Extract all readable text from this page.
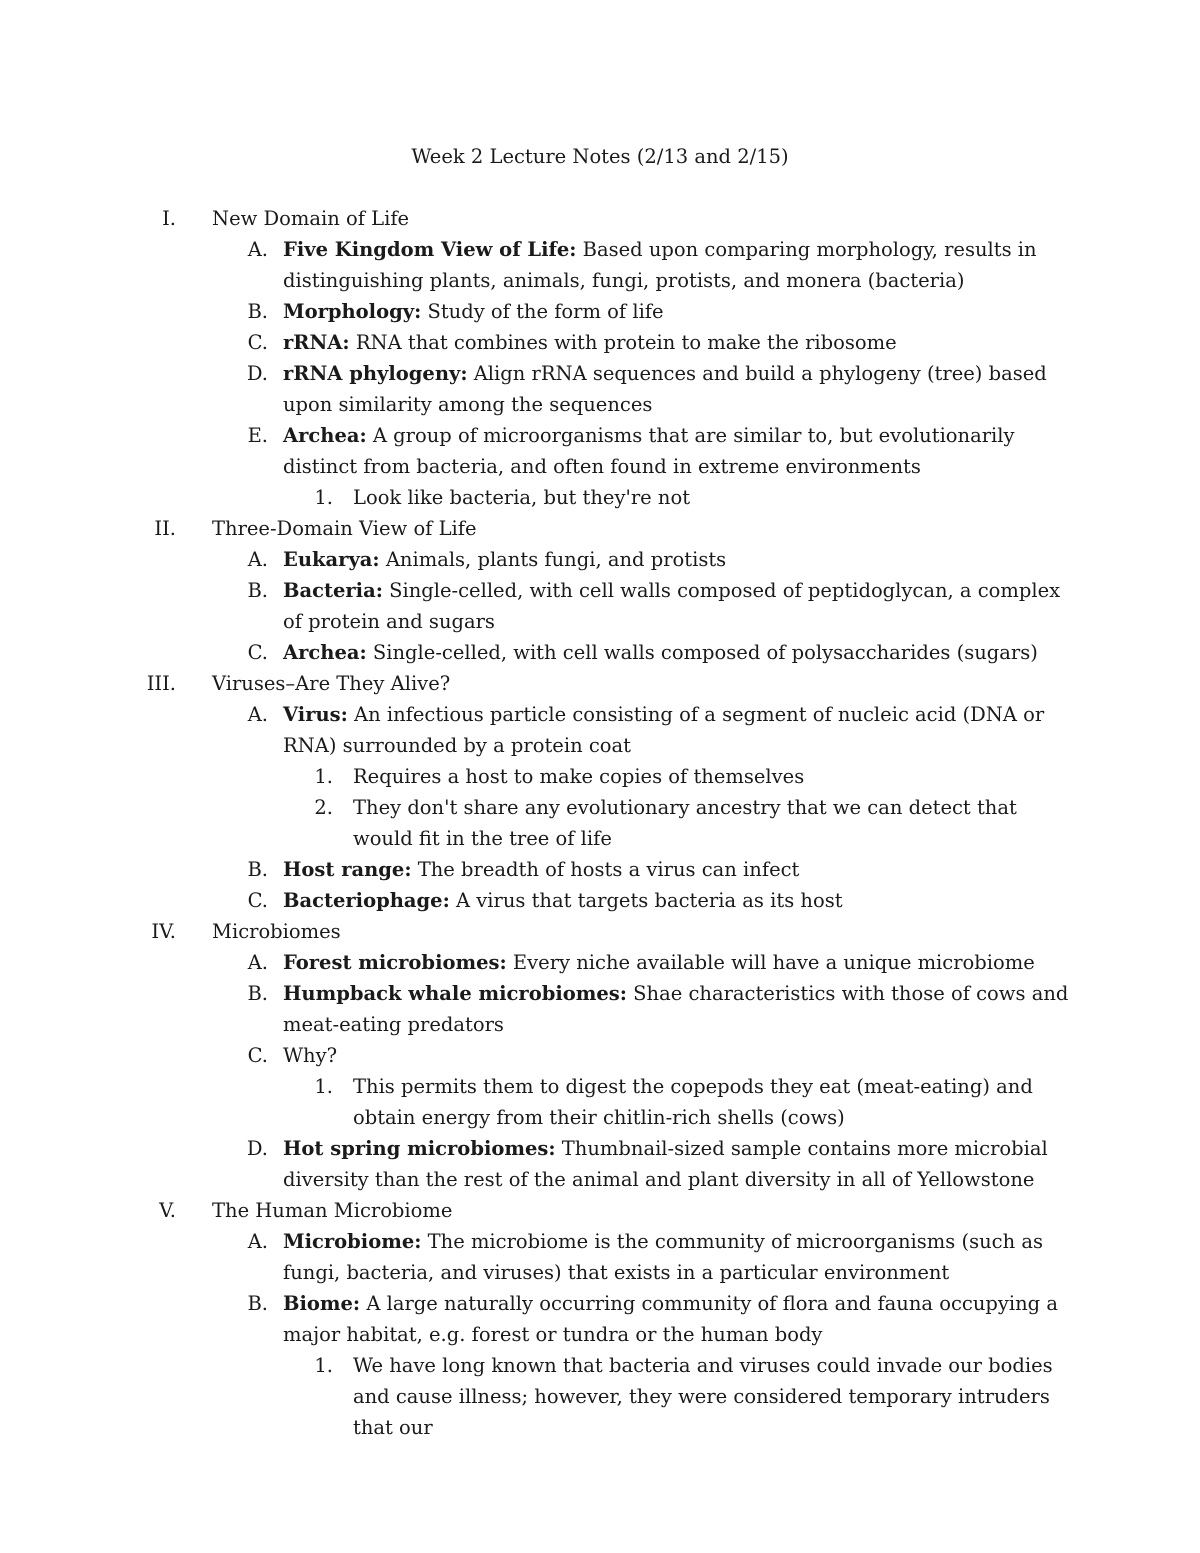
Week 2 Lecture Notes (2/13 and 2/15)
I. New Domain of Life
A. Five Kingdom View of Life: Based upon comparing morphology, results in distinguishing plants, animals, fungi, protists, and monera (bacteria)
B. Morphology: Study of the form of life
C. rRNA: RNA that combines with protein to make the ribosome
D. rRNA phylogeny: Align rRNA sequences and build a phylogeny (tree) based upon similarity among the sequences
E. Archea: A group of microorganisms that are similar to, but evolutionarily distinct from bacteria, and often found in extreme environments
1. Look like bacteria, but they're not
II. Three-Domain View of Life
A. Eukarya: Animals, plants fungi, and protists
B. Bacteria: Single-celled, with cell walls composed of peptidoglycan, a complex of protein and sugars
C. Archea: Single-celled, with cell walls composed of polysaccharides (sugars)
III. Viruses–Are They Alive?
A. Virus: An infectious particle consisting of a segment of nucleic acid (DNA or RNA) surrounded by a protein coat
1. Requires a host to make copies of themselves
2. They don't share any evolutionary ancestry that we can detect that would fit in the tree of life
B. Host range: The breadth of hosts a virus can infect
C. Bacteriophage: A virus that targets bacteria as its host
IV. Microbiomes
A. Forest microbiomes: Every niche available will have a unique microbiome
B. Humpback whale microbiomes: Shae characteristics with those of cows and meat-eating predators
C. Why?
1. This permits them to digest the copepods they eat (meat-eating) and obtain energy from their chitlin-rich shells (cows)
D. Hot spring microbiomes: Thumbnail-sized sample contains more microbial diversity than the rest of the animal and plant diversity in all of Yellowstone
V. The Human Microbiome
A. Microbiome: The microbiome is the community of microorganisms (such as fungi, bacteria, and viruses) that exists in a particular environment
B. Biome: A large naturally occurring community of flora and fauna occupying a major habitat, e.g. forest or tundra or the human body
1. We have long known that bacteria and viruses could invade our bodies and cause illness; however, they were considered temporary intruders that our
